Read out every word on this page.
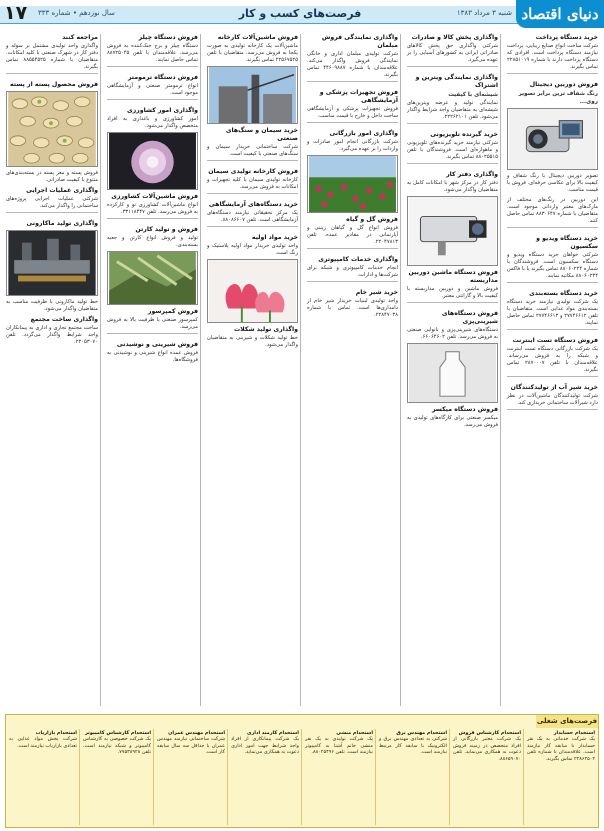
۱۷	سال نوزدهم • شماره ۳۳۳	فرصت‌های کسب و کار	شنبه ۳ مرداد ۱۳۸۳ دنیای اقتصاد
خرید دستگاه پرداخت

شرکت ساخت انواع صنایع زیبایی، پرداخت نیازمند دستگاه پرداخت است. افرادی که دستگاه پرداخت دارند با شماره ۲۲۸۵۱۰۱۹ تماس بگیرند.

فروش دوربین دیجیتال
رنگ شفاف ترین برابر تصویر روی...

تصویر دوربین دیجیتال با رنگ شفاف و کیفیت بالا برای عکاسی حرفه‌ای. فروش با قیمت مناسب.

این دوربین در رنگ‌های مختلف از مارک‌های معتبر وارداتی موجود است. متقاضیان با شماره ۸۸۳۰۶۴۷ تماس حاصل کنند.

خرید دستگاه ویدیو و سکسیون

شرکتی خواهان خرید دستگاه ویدیو و دستگاه سکسیون است. فروشندگان با شماره ۸۸۰۶۰۲۲۴ تماس بگیرند یا با فاکس ۸۸۰۶۰۲۳۴ مکاتبه نمایند.

خرید دستگاه بسته‌بندی

یک شرکت تولیدی نیازمند خرید دستگاه بسته‌بندی مواد غذایی است. متقاضیان با تلفن ۲۷۷۴۶۶۱۲ و ۲۷۷۴۶۶۱۳ تماس حاصل نمایند.

فروش دستگاه تست اینترنت

یک شرکت بازرگانی دستگاه تست اینترنت و شبکه را به فروش می‌رساند. علاقه‌مندان با تلفن ۲۸۷۰۰۰۷ تماس بگیرند.

خرید شیر آب از تولیدکنندگان

شرکت تولیدکنندگان ماشین‌آلات در نظر دارد شیرآلات ساختمانی خریداری کند.

واگذاری پخش کالا و صادرات

شرکتی واگذاری حق پخش کالاهای صادراتی ایرانی به کشورهای آسیایی را بر عهده می‌گیرد.

واگذاری نمایندگی ویترین و اشتراک
شیشه‌ای با کیفیت

نمایندگی تولید و عرضه ویترین‌های شیشه‌ای به متقاضیان واجد شرایط واگذار می‌شود. تلفن ۲۲۲۶۲۱۰۱.

خرید گیرنده تلویزیونی

شرکتی نیازمند خرید گیرنده‌های تلویزیونی و ماهواره‌ای است. فروشندگان با تلفن ۸۸۰۲۵۵۱۵ تماس بگیرند.

واگذاری دفتر کار

دفتر کار در مرکز شهر با امکانات کامل به متقاضیان واگذار می‌شود.

فروش دستگاه ماشین دوربین مداربسته

فروش ماشین و دوربین مداربسته با کیفیت بالا و گارانتی معتبر.

فروش دستگاه‌های شیرینی‌پزی

دستگاه‌های شیرینی‌پزی و نانوایی صنعتی به فروش می‌رسد. تلفن ۶۶۰۶۴۶۰۲.

فروش دستگاه میکسر

میکسر صنعتی برای کارگاه‌های تولیدی به فروش می‌رسد.

واگذاری نمایندگی فروش مبلمان

شرکت تولیدی مبلمان اداری و خانگی نمایندگی فروش واگذار می‌کند. علاقه‌مندان با شماره ۴۴۶۰۹۸۸۷ تماس بگیرند.

فروش تجهیزات پزشکی و آزمایشگاهی

فروش تجهیزات پزشکی و آزمایشگاهی ساخت داخل و خارج با قیمت مناسب.

واگذاری امور بازرگانی

شرکت بازرگانی انجام امور صادرات و واردات را بر عهده می‌گیرد.

فروش گل و گیاه

فروش انواع گل و گیاهان زینتی و آپارتمانی در مقادیر عمده. تلفن ۲۲۰۴۷۸۱۳.

واگذاری خدمات کامپیوتری

انجام خدمات کامپیوتری و شبکه برای شرکت‌ها و ادارات.

خرید شیر خام

واحد تولیدی لبنیات خریدار شیر خام از دامداری‌ها است. تماس با شماره ۲۲۸۴۷۰۳۸.

فروش ماشین‌آلات کارخانه

ماشین‌آلات یک کارخانه تولیدی به صورت یکجا به فروش می‌رسد. متقاضیان با تلفن ۲۲۵۶۷۵۲۵ تماس بگیرند.

خرید سیمان و سنگ‌های صنعتی

شرکت ساختمانی خریدار سیمان و سنگ‌های صنعتی با کیفیت است.

فروش کارخانه تولیدی سیمان

کارخانه تولیدی سیمان با کلیه تجهیزات و امکانات به فروش می‌رسد.

خرید دستگاه‌های آزمایشگاهی

یک مرکز تحقیقاتی نیازمند دستگاه‌های آزمایشگاهی است. تلفن ۸۸۰۸۶۶۰۷.

خرید مواد اولیه

واحد تولیدی خریدار مواد اولیه پلاستیک و رنگ است.

واگذاری تولید شکلات

خط تولید شکلات و شیرینی به متقاضیان واگذار می‌شود.

فروش دستگاه چیلر

دستگاه چیلر و برج خنک‌کننده به فروش می‌رسد. علاقه‌مندان با تلفن ۸۸۷۲۵۰۴۵ تماس حاصل نمایند.

فروش دستگاه ترمومتر

انواع ترمومتر صنعتی و آزمایشگاهی موجود است.

واگذاری امور کشاورزی

امور کشاورزی و باغداری به افراد متخصص واگذار می‌شود.

فروش ماشین‌آلات کشاورزی

انواع ماشین‌آلات کشاورزی نو و کارکرده به فروش می‌رسد. تلفن ۳۳۱۱۸۴۴۷.

فروش و تولید کارتن

تولید و فروش انواع کارتن و جعبه بسته‌بندی.

فروش کمپرسور

کمپرسور صنعتی با ظرفیت بالا به فروش می‌رسد.

فروش شیرینی و نوشیدنی

فروش عمده انواع شیرینی و نوشیدنی به فروشگاه‌ها.

مراجعه کنند

واگذاری واحد تولیدی مشتمل بر سوله و دفتر کار در شهرک صنعتی با کلیه امکانات. متقاضیان با شماره ۸۸۵۵۴۵۲۵ تماس بگیرند.

فروش محصول پسته از پسته

فروش پسته و مغز پسته در بسته‌بندی‌های متنوع با کیفیت صادراتی.

واگذاری عملیات اجرایی

شرکتی عملیات اجرایی پروژه‌های ساختمانی را واگذار می‌کند.

واگذاری تولید ماکارونی

خط تولید ماکارونی با ظرفیت مناسب به متقاضیان واگذار می‌شود.

واگذاری ساخت مجتمع

ساخت مجتمع تجاری و اداری به پیمانکاران واجد شرایط واگذار می‌گردد. تلفن ۲۲۰۵۳۰۷۰.

فرصت‌های شغلی

استخدام حسابدار

یک شرکت خدماتی به یک نفر حسابدار با سابقه کار نیازمند است. علاقه‌مندان با شماره تلفن ۲۲۸۶۲۵۰۲ تماس بگیرند.

استخدام کارشناس فروش

یک شرکت معتبر بازرگانی از افراد متخصص در زمینه فروش دعوت به همکاری می‌نماید. تلفن ۸۸۶۵۹۰۷۰.

استخدام مهندس برق

شرکتی به تعدادی مهندس برق و الکترونیک با سابقه کار مرتبط نیازمند است.

استخدام منشی

یک شرکت تولیدی به یک نفر منشی خانم آشنا به کامپیوتر نیازمند است. تلفن ۸۸۰۲۵۴۹۶.

استخدام کارمند اداری

یک شرکت پیمانکاری از افراد واجد شرایط جهت امور اداری دعوت به همکاری می‌نماید.

استخدام مهندس عمران

شرکت ساختمانی نیازمند مهندس عمران با حداقل سه سال سابقه کار است.

استخدام کارشناس کامپیوتر

یک شرکت خصوصی به کارشناس کامپیوتر و شبکه نیازمند است. تلفن ۷۷۵۳۸۹۲۸.

استخدام بازاریاب

شرکت پخش مواد غذایی به تعدادی بازاریاب نیازمند است.
